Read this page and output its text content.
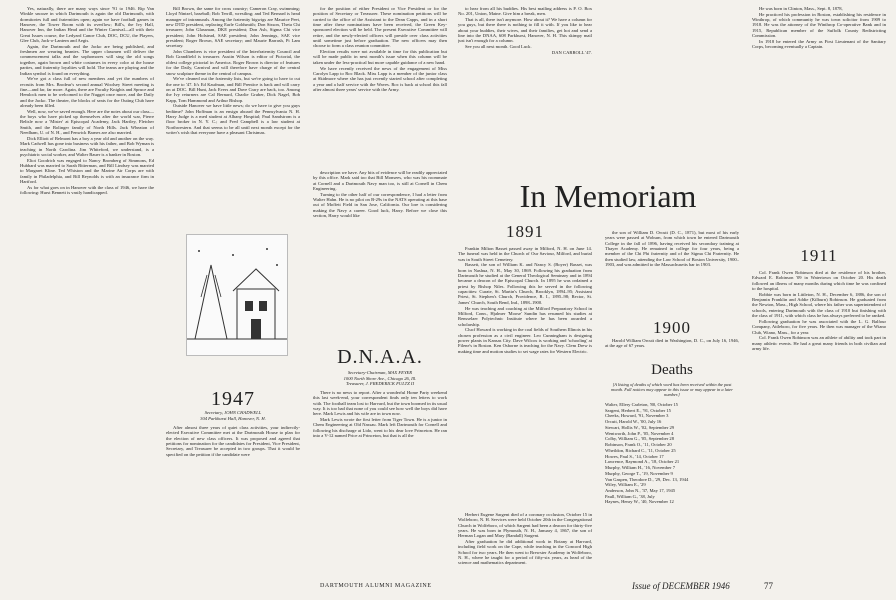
Yes, naturally, there are many ways since '91 to 1946. Rip Van Winkle snooze in which Dartmouth is again the old Dartmouth, with dormitories full and fraternities open; again we have football games in Hanover, the Tower Room with its overflow; Bill's, the Ivy Hall, Hanover Inn, the Indian Head and the Winter Carnival—all with their Great Issues course, the Ledyard Canoe Club, DOC, DCU, the Players, Glee Club, Jack-o-Lantern and Aegis.

Again, the Dartmouth and the Jacko are being published, and freshmen are wearing beanies. The upper classmen will deliver the commencement talks and the sophomores will sing the old songs together, again brown and white costumes in every color at the house parties, and fraternity loyalties will hold. The teams are playing and the Indian symbol is found on everything.

We've got a class full of new members and yet the numbers of recruits from Mrs. Brodeur's second annual Woolsey Street meeting is fine—and far, far more. Again, there are Faculty Knights and Spruce and Hemlock men to be welcomed to the Nugget once more, and the Daily and the Jacko. The theater, the blocks of seats for the Outing Club have already been filled.

Well, now, we've saved enough. Here are the notes about our class—the boys who have picked up themselves after the world war, Pierre Belisle now a 'Mister' at Episcopal Academy, Jack Hartley, Fletcher Smith, and the Bolinger family of North Hills. Jack Wheaton of Needham, U. of N. H., and Fenwick Barnes are also married.

Dick Elliott of Belmont has a boy a year old and another on the way. Mark Cadwell has gone into business with his father, and Bob Wyman is teaching in North Carolina. Jim Whiteford, we understand, is a psychiatric social worker, and Walter Bauer is a banker in Boston.

Eliot Goodrich was engaged to Nancy Bromberg of Simmons, Ed Hubbard was married to Sarah Bitterman, and Bill Lindsey was married to Margaret Kline. Ted Whiston and the Marine Air Corps are with family in Philadelphia, and Bill Reynolds is with an insurance firm in Hartford.

As for what goes on in Hanover with the class of 1946, we have the following: Hurst Bennett is vastly handicapped.

Bill Brown, the same for cross country; Cameron Cray, swimming; Lloyd Nintzel, baseball; Bob Terrill, wrestling; and Ted Bernard is head manager of intramurals. Among the fraternity bigwigs are Maurice Peet, new DTD president, replacing Earle Goldsmith; Don Sisson, Theta Chi treasurer; John Glassman, DKE president; Don Ash, Sigma Chi vice president; John Holstead, SAE president; John Jennings, SAE vice president; Roger Brown, SAE secretary; and Maurie Barrash, Pi Lam secretary.

John Chambers is vice president of the Interfraternity Council and Bob Grandfield is treasurer. Austin Wilson is editor of Pictorial, the oldest college pictorial in America. Roger Brown is director of features for the Daily, Carnival and will therefore have charge of the central snow sculpture theme in the central of campus.

We've cleaned out the fraternity lists, but we're going to have to cut the one to '47. It's Ed Kaufman, and Bill Prentice is back and will carry on at DOC. Bill Hunt, Jack Evers and Dave Crary are back, too. Among the Ivy returners are Cal Bernard, Charlie Gruber, Dick Nagel, Bob Kapp, Tom Hammond and Arthur Bishop.

Outside Hanover we have little news; do we have to give you guys bedtime? John Hoffman is an ensign aboard the Pennsylvania N. H. Harry Judge is a med student at Albany Hospital; Paul Sandstrom is a floor broker in N. Y. C.; and Fred Campbell is a law student at Northwestern. And that seems to be all until next month except for the writer's wish that everyone have a pleasant Christmas.

1947
Secretary, JOHN CHADWELL
304 Parkhurst Hall, Hanover, N. H.

After almost three years of quiet class activities, your indirectly-elected Executive Committee met at the Dartmouth House to plan for the election of new class officers. It was proposed and agreed that petitions for nomination for the candidates for President, Vice President, Secretary, and Treasurer be accepted in two groups. That it would be specified on the petition if the candidate were

for the position of either President or Vice President or for the position of Secretary or Treasurer. These nomination petitions will be carried to the office of the Assistant to the Dean Capps, and in a short time after these nominations have been received, the Green Key-sponsored election will be held. The present Executive Committee will retire, and the newly-elected officers will preside over class activities until sometime just before graduation. The new officers may then choose to form a class reunion committee.

Election results were not available in time for this publication but will be made public in next month's issue when this column will be taken under the less-practical but more capable guidance of a new hand.

We have recently received the news of the engagement of Miss Carolyn Lapp to Roc Black. Miss Lapp is a member of the junior class at Skidmore where she has just recently started school after completing a year and a half service with the Waves. Roc is back at school this fall after almost three years' service with the Army.

D.N.A.A.
Secretary-Chairman, MAX FEYER
1000 North Shore Ave., Chicago 26, Ill.
Treasurer, J. FREDERICK FULTZ II

There is no news to report. After a wonderful Home Party weekend this last week-end, your correspondent finds only ten letters to work with. The football team lost to Harvard, but the town boomed in its usual way. It is too bad that none of you could see how well the boys did have here. Mark Lewis and his wife are in town now.

Mark Lewis wrote the first letter from Tiger Town. He is a junior in Chem Engineering at Old Nassau. Mark left Dartmouth for Cornell and following his discharge at Lido, went to his dear love Princeton. He ran into a V-12 named Price at Princeton, but that is all the

description we have. Any bits of evidence will be readily appreciated by this office. Mark said too that Bill Monsees, who was his roommate at Cornell and a Dartmouth Navy man too, is still at Cornell in Chem Engineering.

Turning to the other half of our correspondence, I had a letter from Walter Hahn. He is no pilot on B-29s in the NATS operating at this base out of Moffett Field in San Jose, California. Our lore is considering making the Navy a career. Good luck, Harry. Before we close this section, Harry would like

to hear from all his buddies. His best mailing address is P. O. Box No. 201, Union, Maine. Give him a break, men.

That is all, there isn't anymore. How about it? We have a column for you guys, but there there is nothing to fill it with. If you like to hear about your buddies, their wives, and their families, get hot and send a line into the DNAA, 608 Parkhurst, Hanover, N. H. This skimpy mail just isn't enough for a column.

See you all next month. Good Luck.

DAN CARROLL '47.

In Memoriam
1891

Frankin Milton Basset passed away in Milford, N. H. on June 14. The funeral was held in the Church of Our Saviour, Milford, and burial was in South Street Cemetery.

Bassett, the son of William K. and Nancy S. (Boyer) Basset, was born in Nashua, N. H., May 30, 1869. Following his graduation from Dartmouth he studied at the General Theological Seminary and in 1894 became a deacon of the Episcopal Church. In 1895 he was ordained a priest by Bishop Niles. Following this he served in the following capacities: Curate, St. Martin's Church, Brooklyn, 1894–95; Assistant Priest, St. Stephen's Church, Providence, R. I., 1895–98; Rector, St. James' Church, South Bend, Ind., 1898–1900.

He was teaching and coaching at the Milford Preparatory School in Milford, Conn., Hjalmer 'Moose' Sundin has resumed his studies at Rensselaer Polytechnic Institute where he has been awarded a scholarship.

Clucf Howard is working in the coal fields of Southern Illinois in his chosen profession as a civil engineer. Leo Cunningham is designing power plants in Kansas City. Dave Wilcox is working and 'schooling' at Filene's in Boston. Ken Osborne is teaching for the Navy. Clem Drew is making time and motion studies to set wage rates for Western Electric.

Herbert Eugene Sargent died of a coronary occlusion, October 15 in Wolfeboro, N. H. Services were held October 20th in the Congregational Church in Wolfeboro, of which Sargent had been a deacon for thirty-five years. He was born in Plymouth, N. H., January 4, 1867, the son of Herman Logan and Mary (Randall) Sargent.

After graduation he did additional work in Botany at Harvard, including field work on the Cape, while teaching in the Concord High School for two years. He then went to Brewster Academy in Wolfeboro, N. H., where he taught for a period of fifty-six years, as head of the science and mathematics department.

the son of William D. Orcutt (D. C., 1871), but most of his early years were passed at Woburn, from which town he entered Dartmouth College in the fall of 1896, having received his secondary training at Thayer Academy. He remained in college for four years, being a member of the Chi Phi fraternity and of the Sigma Chi Fraternity. He then studied law, attending the Law School of Boston University, 1900–1903, and was admitted to the Massachusetts bar in 1903.

1900

Harold William Orcutt died in Washington, D. C., on July 16, 1946, at the age of 67 years.

Deaths
[A listing of deaths of which word has been received within the past month. Full notices may appear in this issue or may appear in a later number.]

Walter, Ellery Carleton, '80, October 15

Sargent, Herbert E., '91, October 15

Cheeks, Howard, '91, November 3

Orcutt, Harold W., '00, July 16

Stewart, Hollis W., '02, September 29

Wentworth, John P., '05, November 4

Colby, William G., '05, September 28

Robinson, Frank O., '11, October 20

Wheildon, Richard C., '11, October 25

Howes, Paul S., '14, October 17

Lawrence, Raymond A., '18, October 21

Murphy, William H., '16, November 7

Murphy, George T., '19, November 9

Van Gaspen, Theodore D., '29, Dec. 13, 1944

Wiley, William E., '29

Anderson, John N., '37, May 17, 1945

Paull, William G., '38, July

Haynes, Henry W., '40, November 12

He was born in Clinton, Mass., Sept. 8, 1878,

He practiced his profession in Boston, establishing his residence in Winthrop, of which community he was town solicitor from 1909 to 1918. He was the attorney of the Winthrop Co-operative Bank and in 1915, Republican member of the Suffolk County Redistricting Commission.

In 1918 he entered the Army as First Lieutenant of the Sanitary Corps, becoming eventually a Captain.

1911

Col. Frank Owen Robinson died at the residence of his brother, Edward E. Robinson '09 in Watertown on October 20. His death followed an illness of many months during which time he was confined to the hospital.

Robbie was born in Littleton, N. H., December 6, 1886, the son of Benjamin Franklin and Addie (Kilburn) Robinson. He graduated from the Newton, Mass., High School, where his father was superintendent of schools, entering Dartmouth with the class of 1910 but finishing with the class of 1911, with which class he has always preferred to be ranked.

Following graduation he was associated with the L. G. Balfour Company, Attleboro, for five years. He then was manager of the Wiano Club, Wiano, Mass., for a year.

Col. Frank Owen Robinson was an athlete of ability and took part in many athletic events. He had a great many friends in both civilian and army life.

DARTMOUTH ALUMNI MAGAZINE	Issue of DECEMBER 1946	77
